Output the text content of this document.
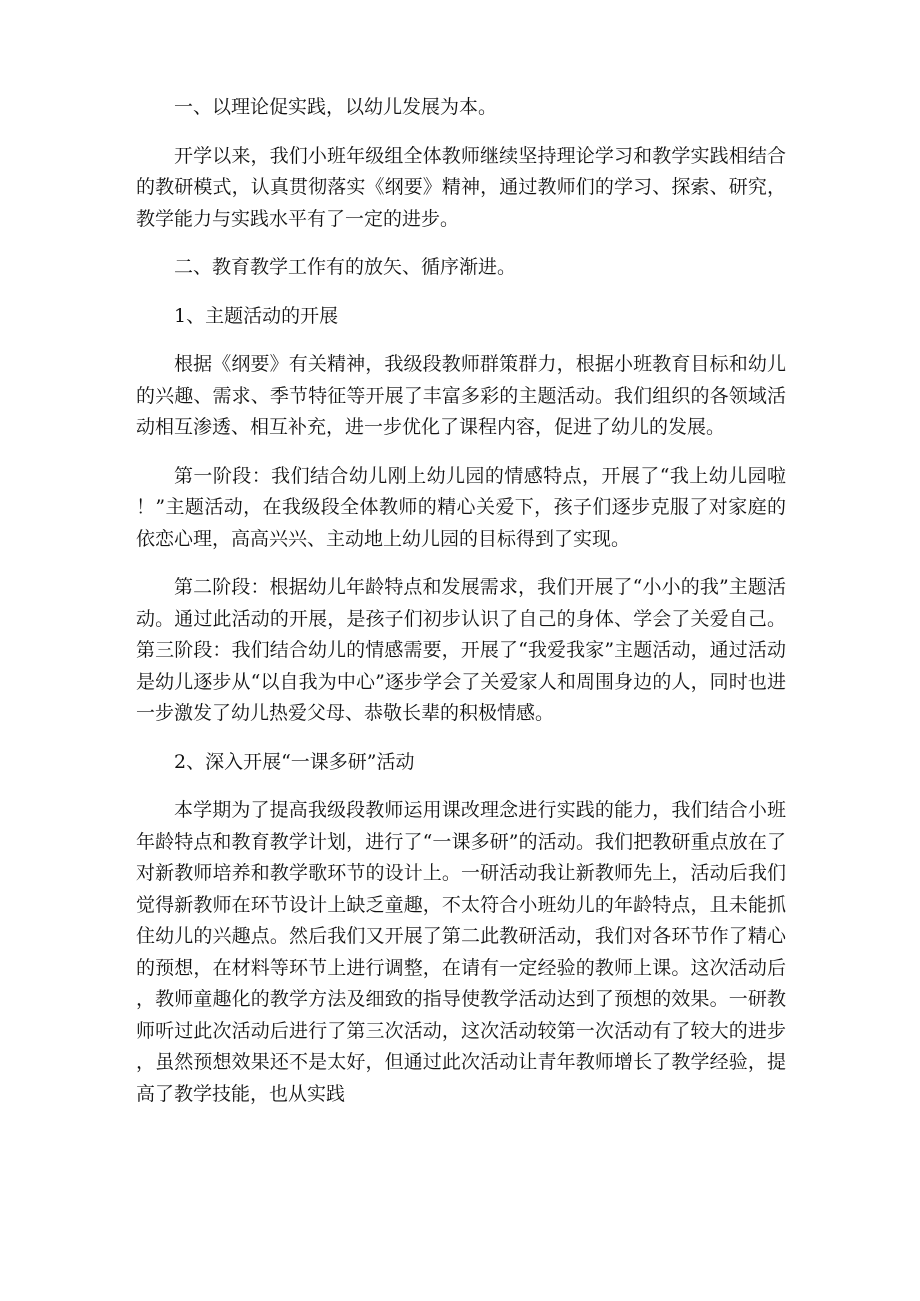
一、以理论促实践，以幼儿发展为本。

开学以来，我们小班年级组全体教师继续坚持理论学习和教学实践相结合的教研模式，认真贯彻落实《纲要》精神，通过教师们的学习、探索、研究，教学能力与实践水平有了一定的进步。

二、教育教学工作有的放矢、循序渐进。

1、主题活动的开展

根据《纲要》有关精神，我级段教师群策群力，根据小班教育目标和幼儿的兴趣、需求、季节特征等开展了丰富多彩的主题活动。我们组织的各领域活动相互渗透、相互补充，进一步优化了课程内容，促进了幼儿的发展。

第一阶段：我们结合幼儿刚上幼儿园的情感特点，开展了“我上幼儿园啦！”主题活动，在我级段全体教师的精心关爱下，孩子们逐步克服了对家庭的依恋心理，高高兴兴、主动地上幼儿园的目标得到了实现。

第二阶段：根据幼儿年龄特点和发展需求，我们开展了“小小的我”主题活动。通过此活动的开展，是孩子们初步认识了自己的身体、学会了关爱自己。第三阶段：我们结合幼儿的情感需要，开展了“我爱我家”主题活动，通过活动是幼儿逐步从“以自我为中心”逐步学会了关爱家人和周围身边的人，同时也进一步激发了幼儿热爱父母、恭敬长辈的积极情感。

2、深入开展“一课多研”活动

本学期为了提高我级段教师运用课改理念进行实践的能力，我们结合小班年龄特点和教育教学计划，进行了“一课多研”的活动。我们把教研重点放在了对新教师培养和教学歌环节的设计上。一研活动我让新教师先上，活动后我们觉得新教师在环节设计上缺乏童趣，不太符合小班幼儿的年龄特点，且未能抓住幼儿的兴趣点。然后我们又开展了第二此教研活动，我们对各环节作了精心的预想，在材料等环节上进行调整，在请有一定经验的教师上课。这次活动后，教师童趣化的教学方法及细致的指导使教学活动达到了预想的效果。一研教师听过此次活动后进行了第三次活动，这次活动较第一次活动有了较大的进步，虽然预想效果还不是太好，但通过此次活动让青年教师增长了教学经验，提高了教学技能，也从实践
